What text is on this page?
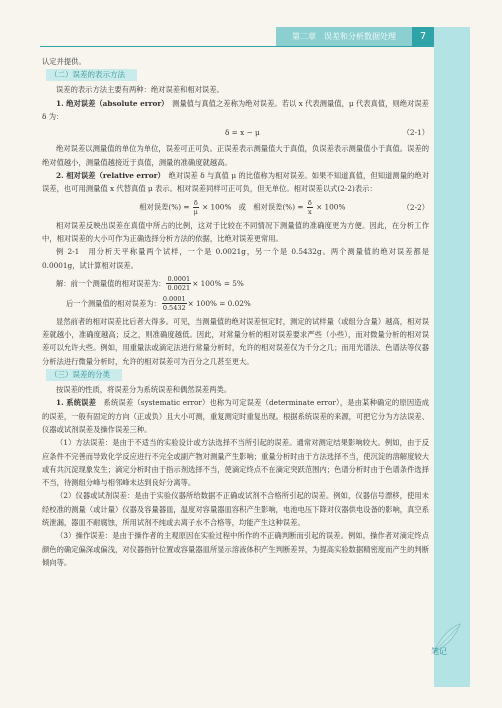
第二章 误差和分析数据处理	7

认定并提供。

（二）误差的表示方法

误差的表示方法主要有两种：绝对误差和相对误差。

1. 绝对误差（absolute error）　 测量值与真值之差称为绝对误差。若以 x 代表测量值，μ 代表真值，则绝对误差 δ 为：

δ = x − μ	（2-1）

绝对误差以测量值的单位为单位，误差可正可负。正误差表示测量值大于真值，负误差表示测量值小于真值。误差的绝对值越小，测量值越接近于真值，测量的准确度就越高。

2. 相对误差（relative error）　 绝对误差 δ 与真值 μ 的比值称为相对误差。如果不知道真值，但知道测量的绝对误差，也可用测量值 x 代替真值 μ 表示。相对误差同样可正可负，但无单位。相对误差以式(2-2)表示：

相对误差(%) = $\frac{\delta}{\mu} \times 100\%$　或　相对误差(%) = $\frac{\delta}{x} \times 100\%$	（2-2）

相对误差反映出误差在真值中所占的比例，这对于比较在不同情况下测量值的准确度更为方便。因此，在分析工作中，相对误差的大小可作为正确选择分析方法的依据，比绝对误差更常用。

例 2-1　用分析天平称量两个试样，一个是 0.0021g，另一个是 0.5432g。两个测量值的绝对误差都是 0.0001g，试计算相对误差。

解：前一个测量值的相对误差为： $\frac{0.0001}{0.0021} \times 100\% = 5\%$
后一个测量值的相对误差为： $\frac{0.0001}{0.5432} \times 100\% = 0.02\%$

显然前者的相对误差比后者大得多。可见，当测量值的绝对误差恒定时，测定的试样量（或组分含量）越高，相对误差就越小，准确度越高；反之，则准确度越低。因此，对常量分析的相对误差要求严些（小些），而对微量分析的相对误差可以允许大些。例如，用重量法或滴定法进行常量分析时，允许的相对误差仅为千分之几；而用光谱法、色谱法等仪器分析法进行微量分析时，允许的相对误差可为百分之几甚至更大。

（三）误差的分类

按误差的性质，将误差分为系统误差和偶然误差两类。

1. 系统误差　 系统误差（systematic error）也称为可定误差（determinate error），是由某种确定的原因造成的误差，一般有固定的方向（正或负）且大小可测，重复测定时重复出现。根据系统误差的来源，可把它分为方法误差、仪器或试剂误差及操作误差三种。

（1）方法误差：是由于不适当的实验设计或方法选择不当所引起的误差。通常对测定结果影响较大。例如，由于反应条件不完善而导致化学反应进行不完全或副产物对测量产生影响；重量分析时由于方法选择不当，使沉淀的溶解度较大或有共沉淀现象发生；滴定分析时由于指示剂选择不当，使滴定终点不在滴定突跃范围内；色谱分析时由于色谱条件选择不当，待测组分峰与相邻峰未达到良好分离等。

（2）仪器或试剂误差：是由于实验仪器所给数据不正确或试剂不合格所引起的误差。例如，仪器信号漂移，使用未经校准的测量（或计量）仪器及容量器皿，温度对容量器皿容积产生影响，电池电压下降对仪器供电设备的影响，真空系统泄漏，器皿不耐腐蚀，所用试剂不纯或去离子水不合格等，均能产生这种误差。

（3）操作误差：是由于操作者的主观原因在实验过程中所作的不正确判断而引起的误差。例如，操作者对滴定终点颜色的确定偏深或偏浅，对仪器指针位置或容量器皿所显示溶液体积产生判断差异，为提高实验数据精密度而产生的判断倾向等。

笔记
